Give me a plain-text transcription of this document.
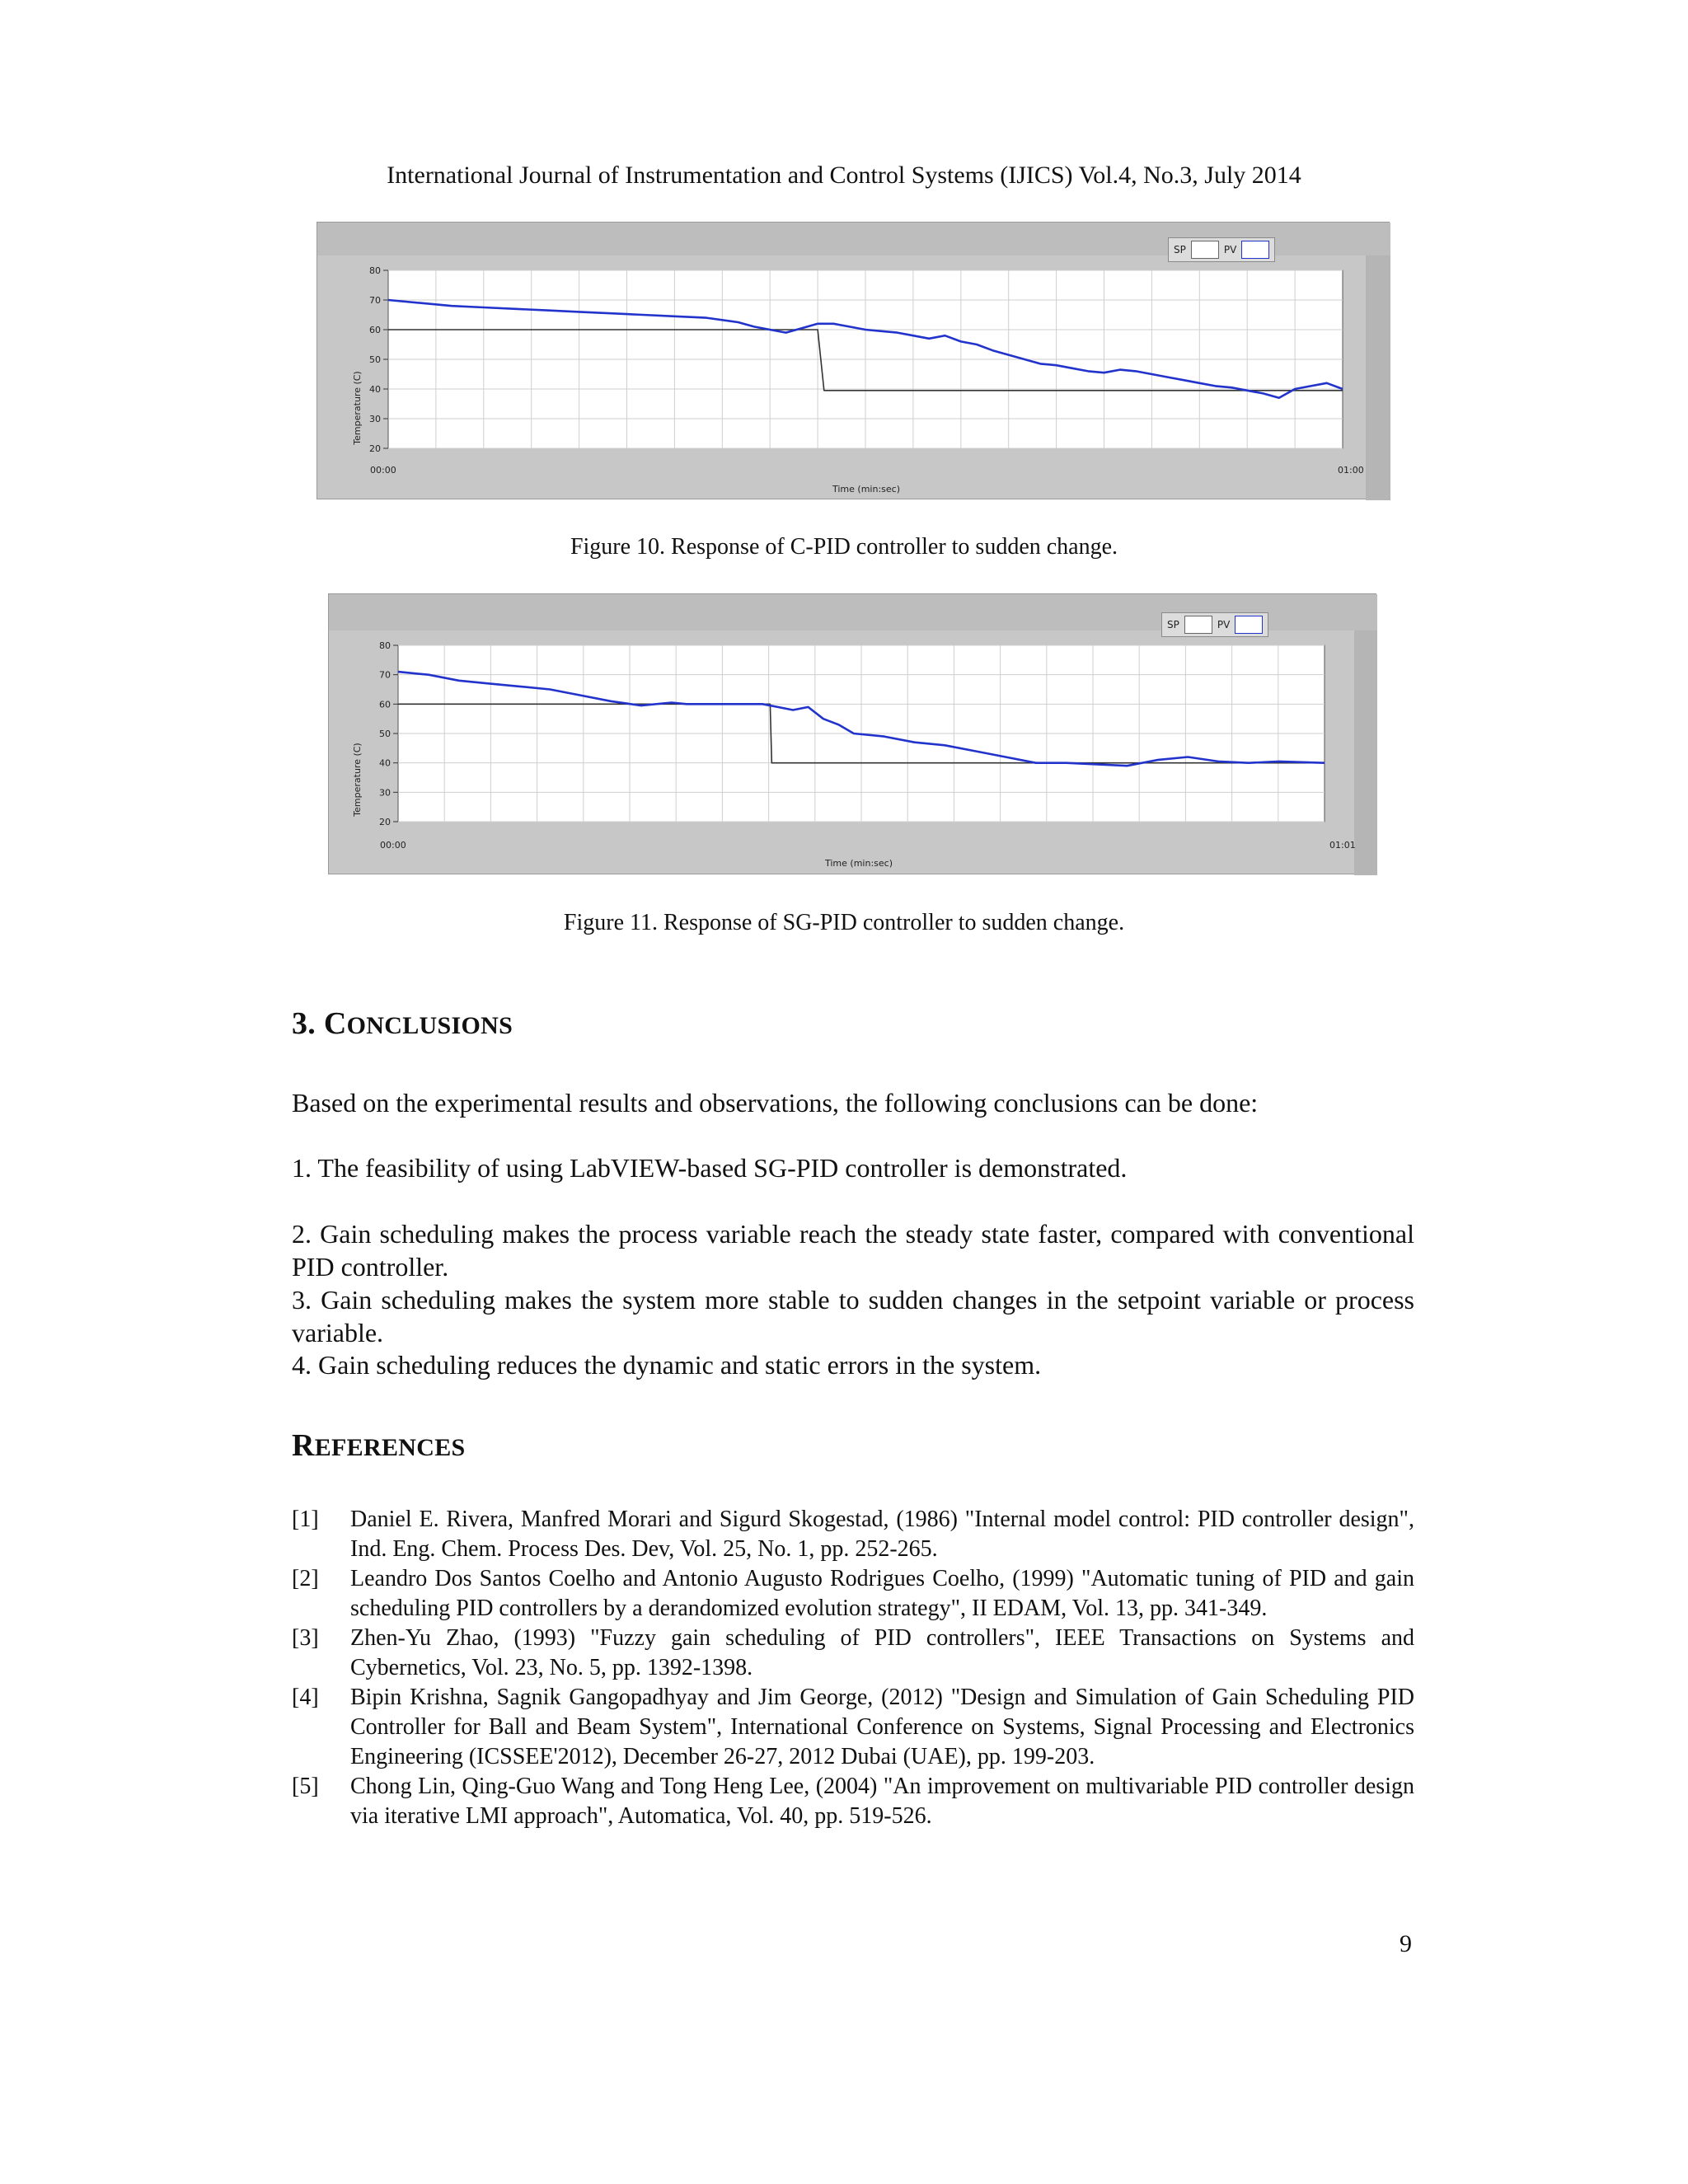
International Journal of Instrumentation and Control Systems (IJICS) Vol.4, No.3, July 2014
00:00	01:00
Time (min:sec)
Temperature (C)
20
30
40
50
60
70
80
SP	PV
Figure 10. Response of C-PID controller to sudden change.
00:00	01:01
Time (min:sec)
Temperature (C)
20
30
40
50
60
70
80
SP	PV
Figure 11. Response of SG-PID controller to sudden change.
3. CONCLUSIONS

Based on the experimental results and observations, the following conclusions can be done:

1. The feasibility of using LabVIEW-based SG-PID controller is demonstrated.

2. Gain scheduling makes the process variable reach the steady state faster, compared with conventional PID controller.

3. Gain scheduling makes the system more stable to sudden changes in the setpoint variable or process variable.

4. Gain scheduling reduces the dynamic and static errors in the system.

REFERENCES
[1] Daniel E. Rivera, Manfred Morari and Sigurd Skogestad, (1986) "Internal model control: PID controller design", Ind. Eng. Chem. Process Des. Dev, Vol. 25, No. 1, pp. 252-265.
[2] Leandro Dos Santos Coelho and Antonio Augusto Rodrigues Coelho, (1999) "Automatic tuning of PID and gain scheduling PID controllers by a derandomized evolution strategy", II EDAM, Vol. 13, pp. 341-349.
[3] Zhen-Yu Zhao, (1993) "Fuzzy gain scheduling of PID controllers", IEEE Transactions on Systems and Cybernetics, Vol. 23, No. 5, pp. 1392-1398.
[4] Bipin Krishna, Sagnik Gangopadhyay and Jim George, (2012) "Design and Simulation of Gain Scheduling PID Controller for Ball and Beam System", International Conference on Systems, Signal Processing and Electronics Engineering (ICSSEE'2012), December 26-27, 2012 Dubai (UAE), pp. 199-203.
[5] Chong Lin, Qing-Guo Wang and Tong Heng Lee, (2004) "An improvement on multivariable PID controller design via iterative LMI approach", Automatica, Vol. 40, pp. 519-526.
9
